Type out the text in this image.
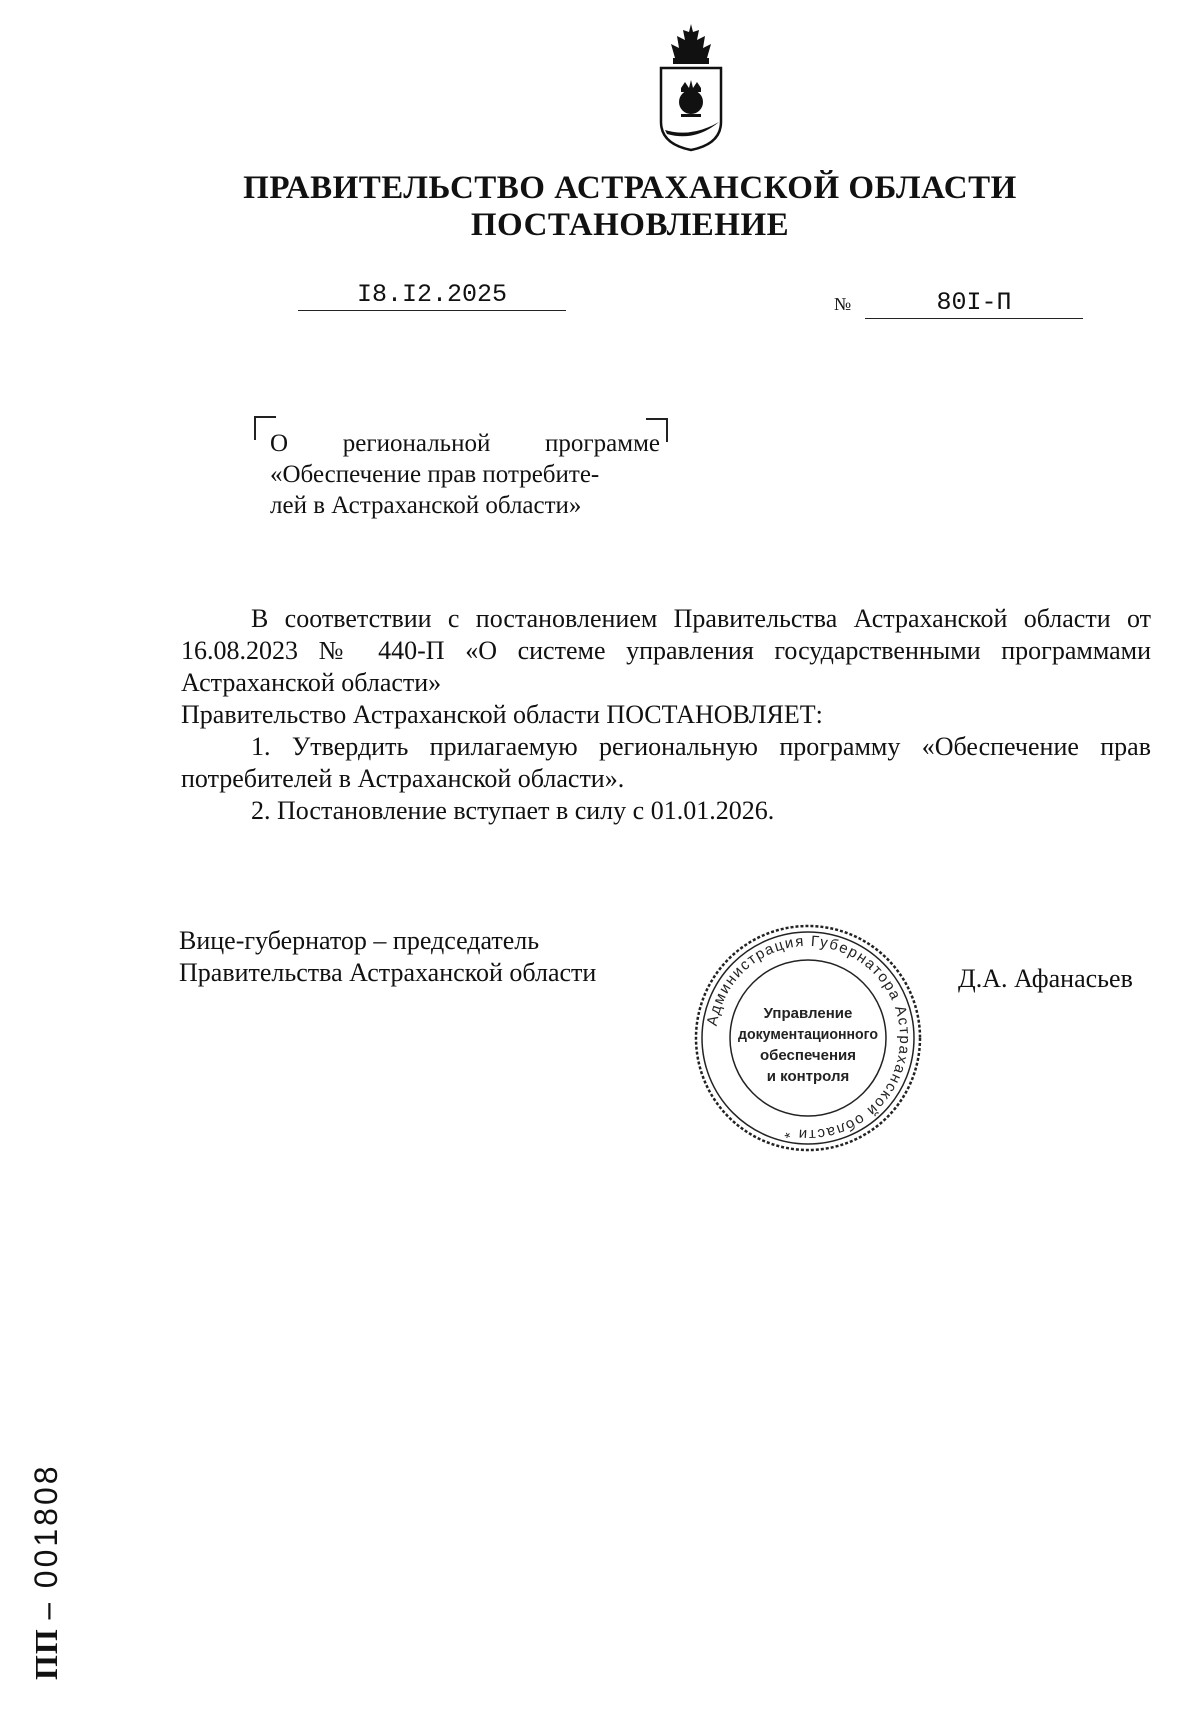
ПРАВИТЕЛЬСТВО АСТРАХАНСКОЙ ОБЛАСТИ
ПОСТАНОВЛЕНИЕ
I8.I2.2025	№	80I-П
О региональной программе
«Обеспечение прав потребите-
лей в Астраханской области»

В соответствии с постановлением Правительства Астраханской области от 16.08.2023 № 440-П «О системе управления государственными программами Астраханской области»

Правительство Астраханской области ПОСТАНОВЛЯЕТ:

1. Утвердить прилагаемую региональную программу «Обеспечение прав потребителей в Астраханской области».

2. Постановление вступает в силу с 01.01.2026.

Вице-губернатор – председатель
Правительства Астраханской области	Д.А. Афанасьев
Администрация Губернатора Астраханской области *
Управление
документационного
обеспечения
и контроля
ПП –001808
